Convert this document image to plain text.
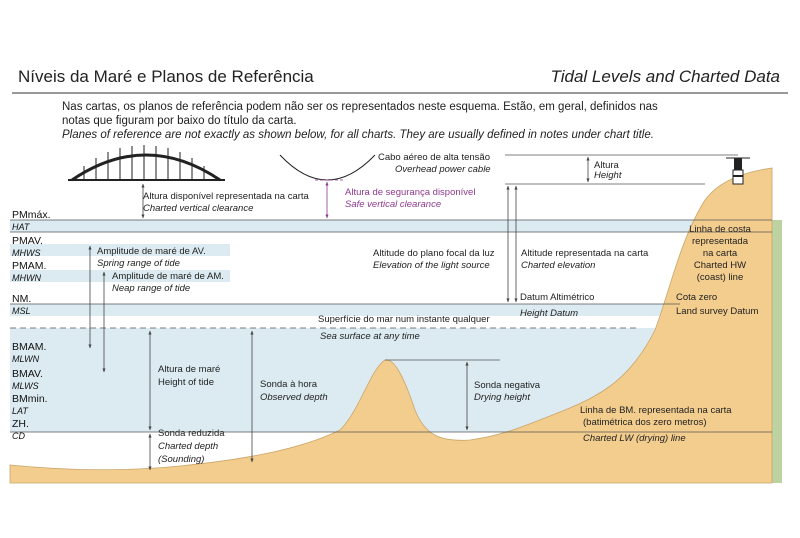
Níveis da Maré e Planos de Referência	Tidal Levels and Charted Data
Nas cartas, os planos de referência podem não ser os representados neste esquema. Estão, em geral, definidos nas
notas que figuram por baixo do título da carta.
Planes of reference are not exactly as shown below, for all charts. They are usually defined in notes under chart title.
PMmáx.
HAT
PMAV.
MHWS
PMAM.
MHWN
NM.
MSL
BMAM.
MLWN
BMAV.
MLWS
BMmin.
LAT
ZH.
CD
Altura disponível representada na carta
Charted vertical clearance
Altura de segurança disponível
Safe vertical clearance
Cabo aéreo de alta tensão
Overhead power cable	Altura
Height
Altitude do plano focal da luz
Elevation of the light source
Altitude representada na carta
Charted elevation
Datum Altimétrico
Height Datum
Linha de costa
representada
na carta
Charted HW
(coast) line
Cota zero
Land survey Datum
Amplitude de maré de AV.
Spring range of tide
Amplitude de maré de AM.
Neap range of tide
Superfície do mar num instante qualquer
Sea surface at any time
Altura de maré
Height of tide	Sonda à hora
Observed depth
Sonda negativa
Drying height
Linha de BM. representada na carta
(batimétrica dos zero metros)
Charted LW (drying) line
Sonda reduzida
Charted depth
(Sounding)
